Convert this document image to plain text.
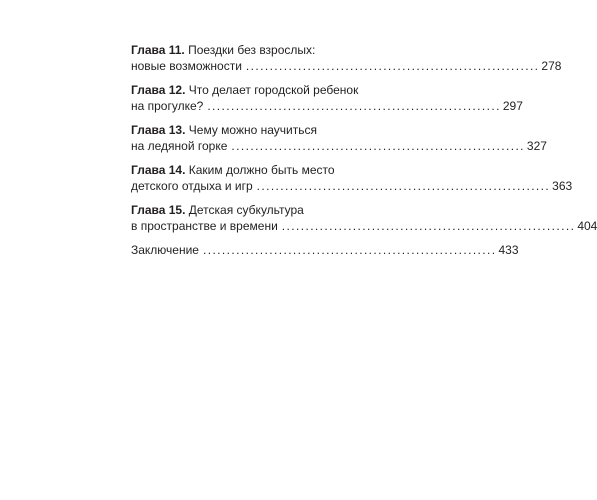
Глава 11.
Поездки без взрослых:
новые возможности .............................................................. 278
Глава 12.
Что делает городской ребенок
на прогулке? .............................................................. 297
Глава 13.
Чему можно научиться
на ледяной горке .............................................................. 327
Глава 14.
Каким должно быть место
детского отдыха и игр .............................................................. 363
Глава 15.
Детская субкультура
в пространстве и времени .............................................................. 404
Заключение .............................................................. 433
